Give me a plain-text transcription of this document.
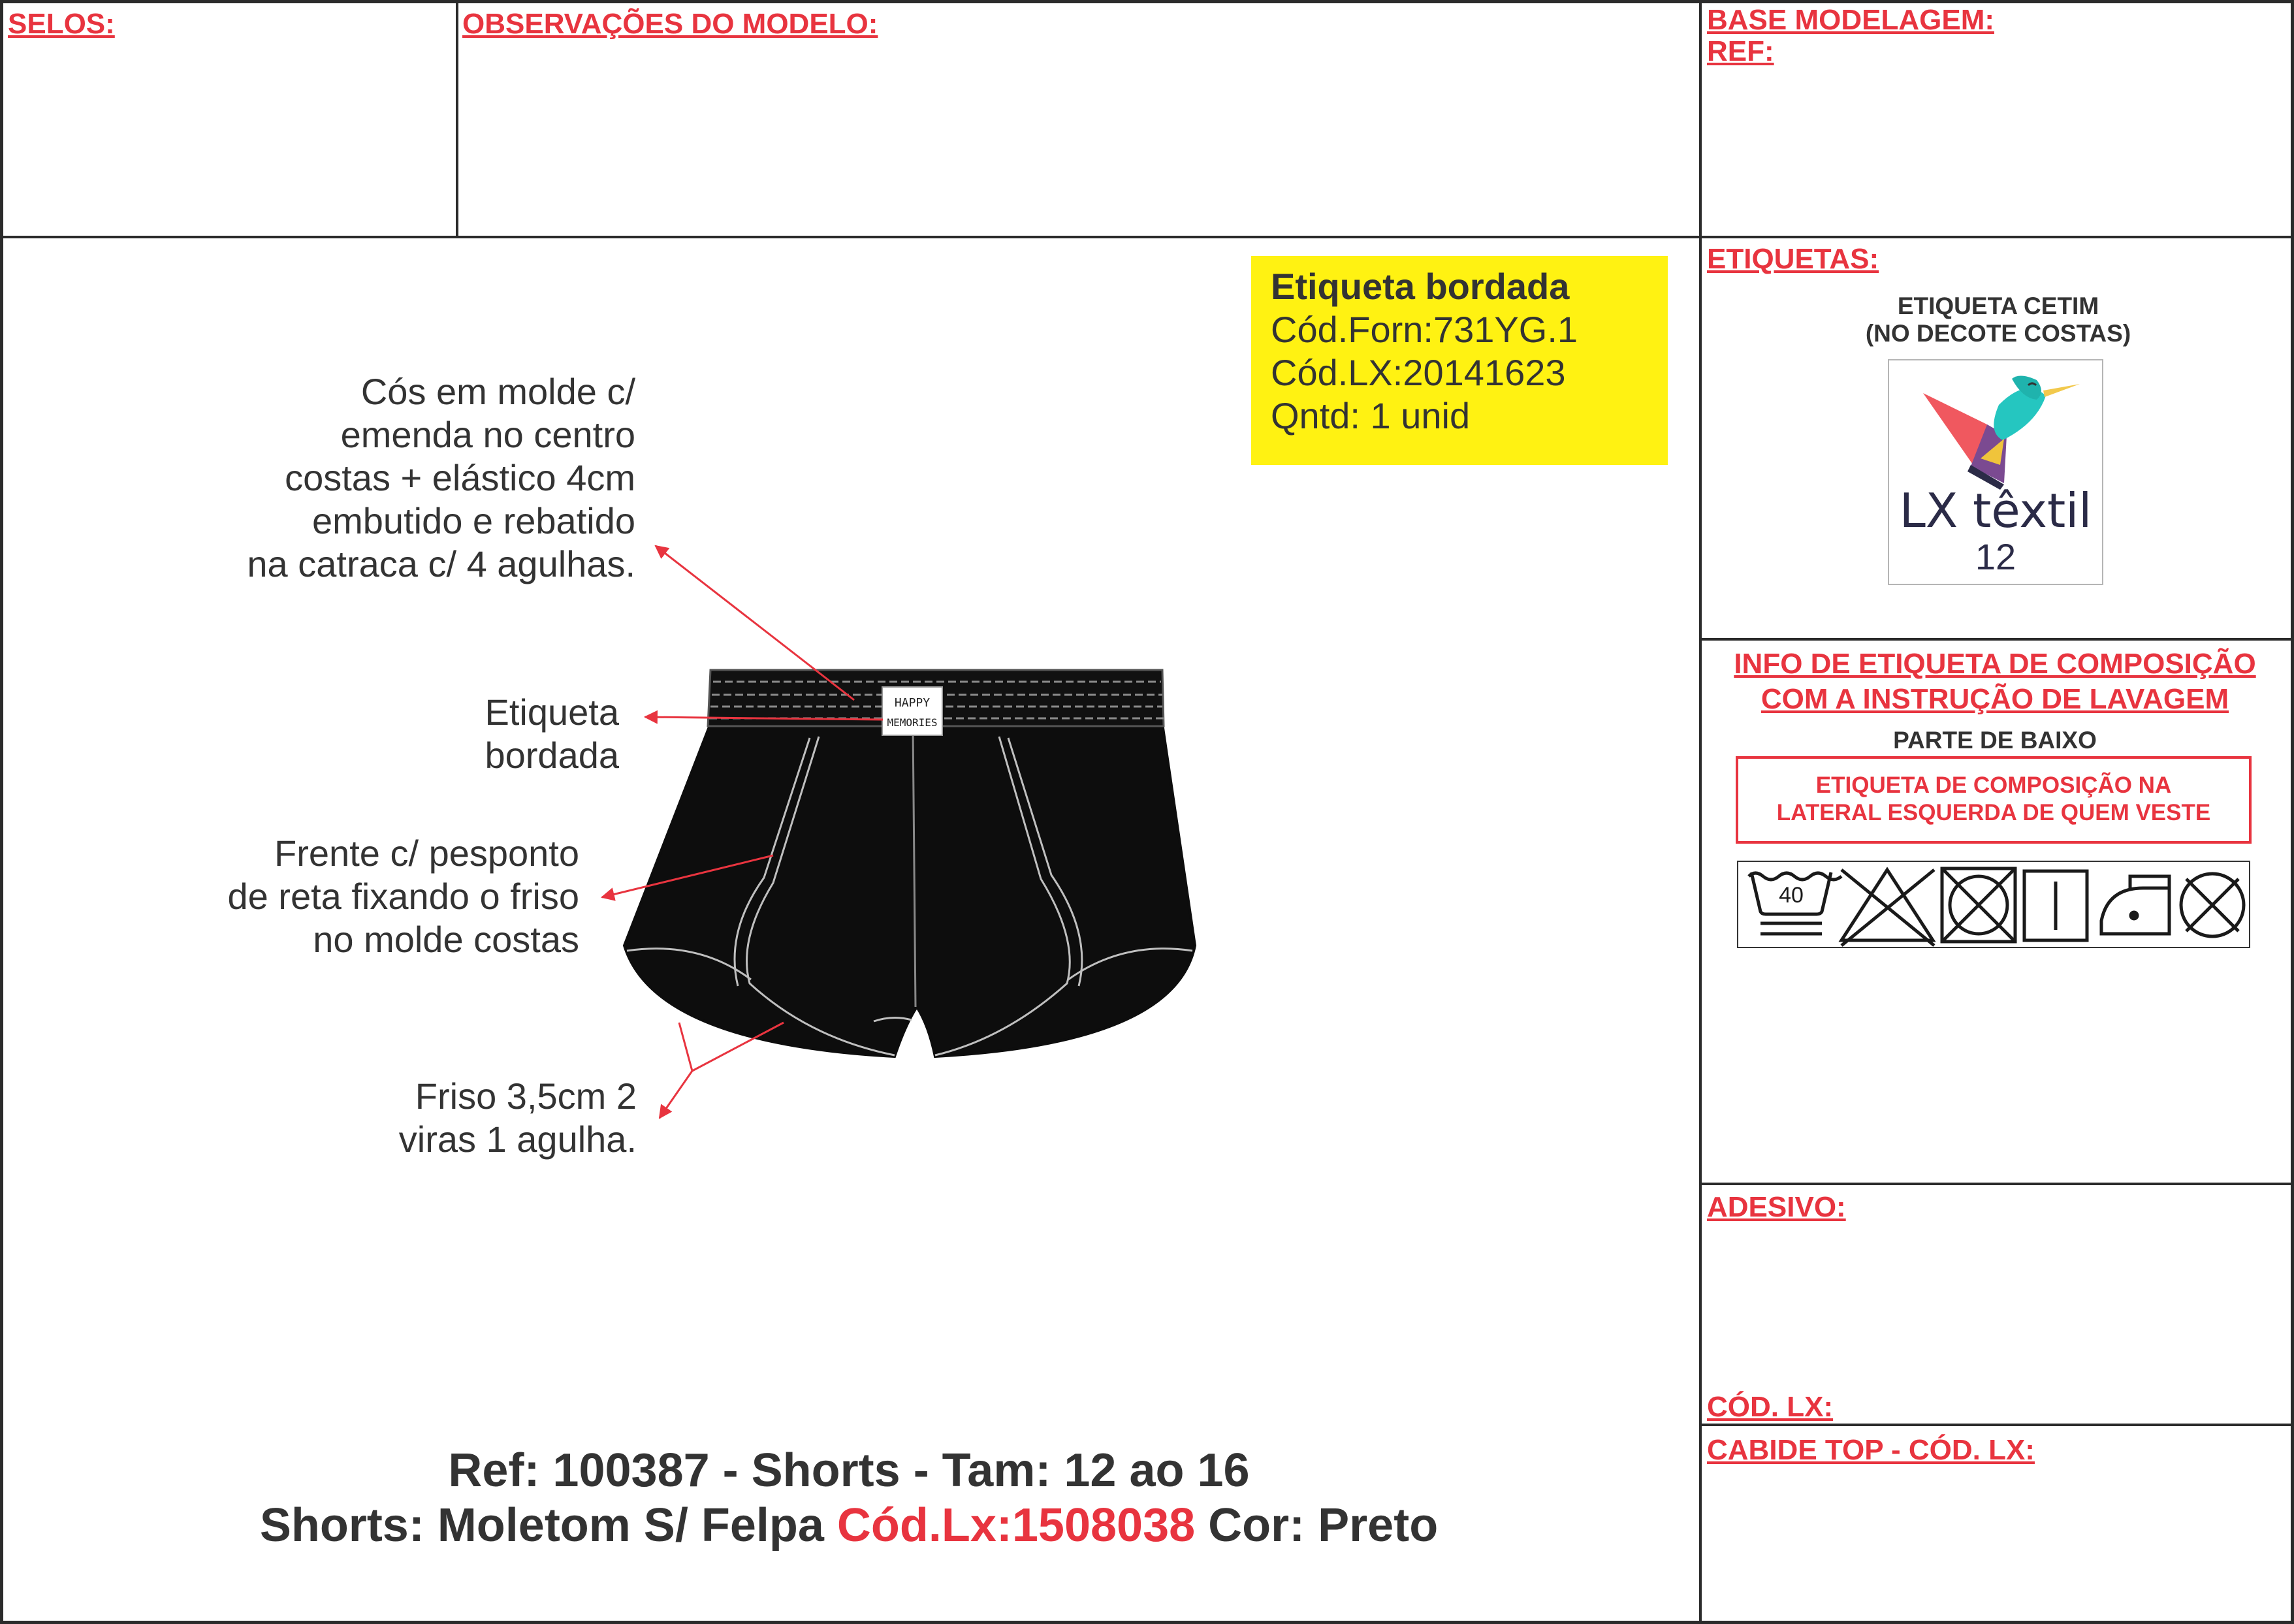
SELOS:	OBSERVAÇÕES DO MODELO:	BASE MODELAGEM:
REF:
ETIQUETAS:
ADESIVO:
CÓD. LX:
CABIDE TOP - CÓD. LX:
ETIQUETA CETIM
(NO DECOTE COSTAS)
LX têxtil
12
INFO DE ETIQUETA DE COMPOSIÇÃO
COM A INSTRUÇÃO DE LAVAGEM
PARTE DE BAIXO
ETIQUETA DE COMPOSIÇÃO NA
LATERAL ESQUERDA DE QUEM VESTE
40
Etiqueta bordada
Cód.Forn:731YG.1
Cód.LX:20141623
Qntd: 1 unid
Cós em molde c/
emenda no centro
costas + elástico 4cm
embutido e rebatido
na catraca c/ 4 agulhas.
Etiqueta
bordada
Frente c/ pesponto
de reta fixando o friso
no molde costas
Friso 3,5cm 2
viras 1 agulha.
HAPPY
MEMORIES
Ref: 100387 - Shorts - Tam: 12 ao 16
Shorts: Moletom S/ Felpa Cód.Lx:1508038 Cor: Preto
